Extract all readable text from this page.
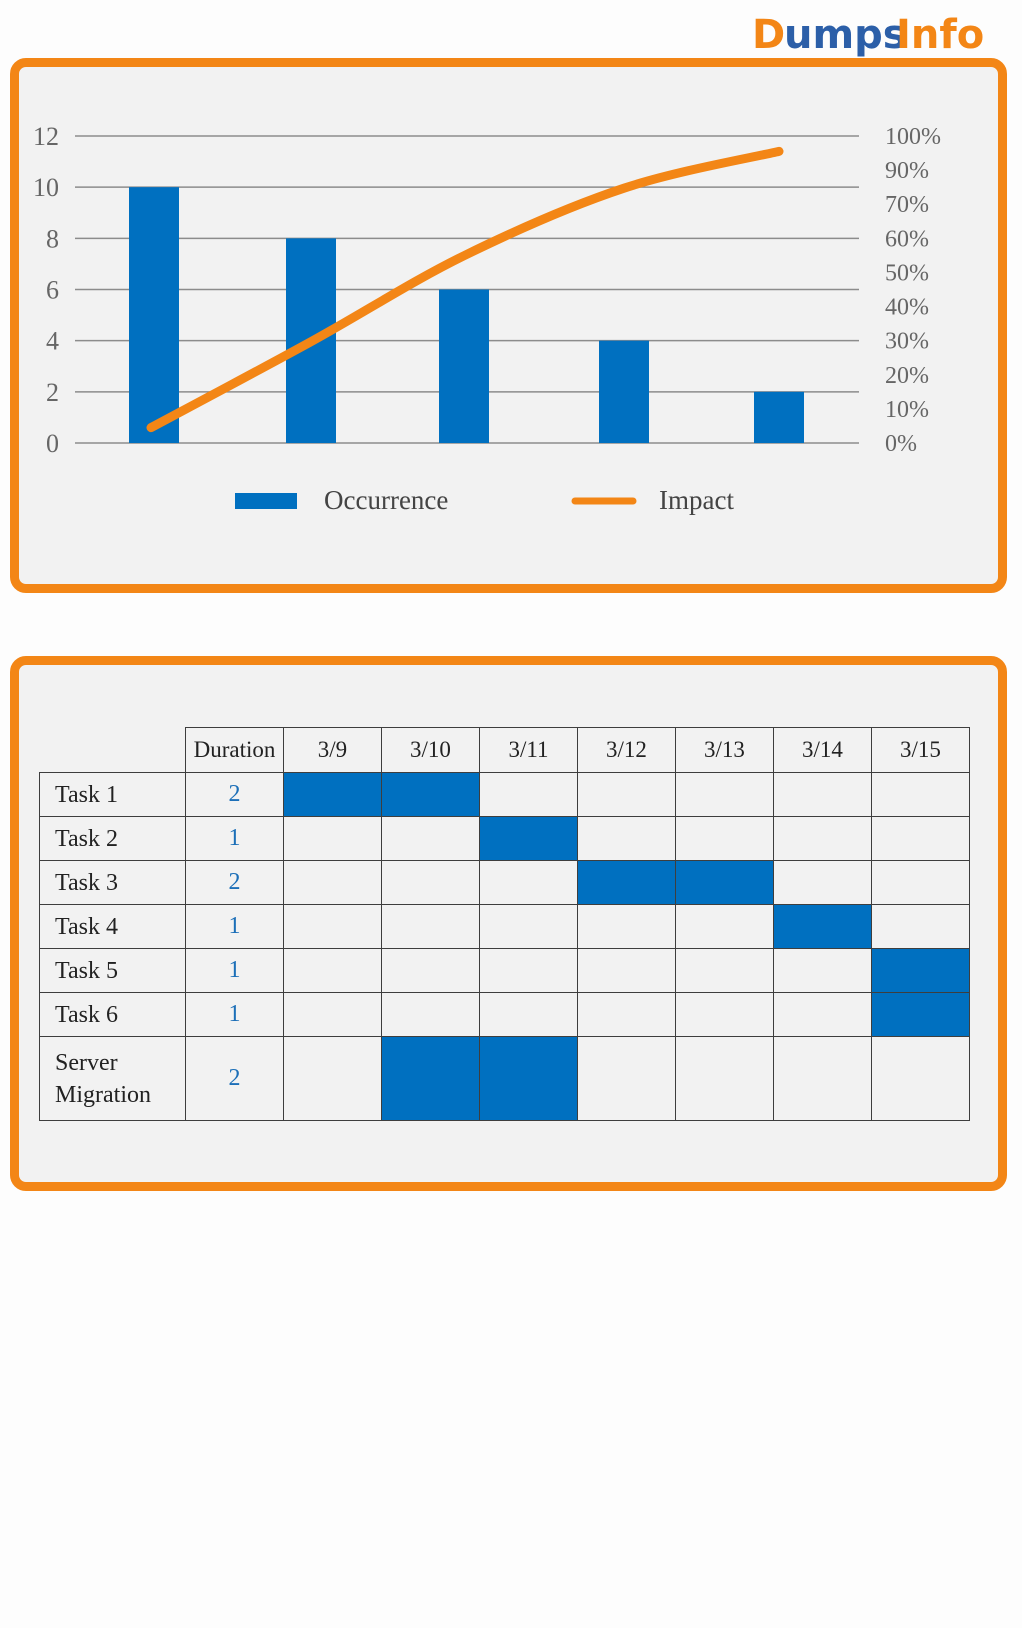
D
umps
Info
0
2
4
6
8
10
12
0%
10%
20%
30%
40%
50%
60%
70%
90%
100%
Occurrence	Impact
	Duration	3/9	3/10	3/11	3/12	3/13	3/14	3/15
Task 1	2							
Task 2	1							
Task 3	2							
Task 4	1							
Task 5	1							
Task 6	1							
Server
Migration	2							
